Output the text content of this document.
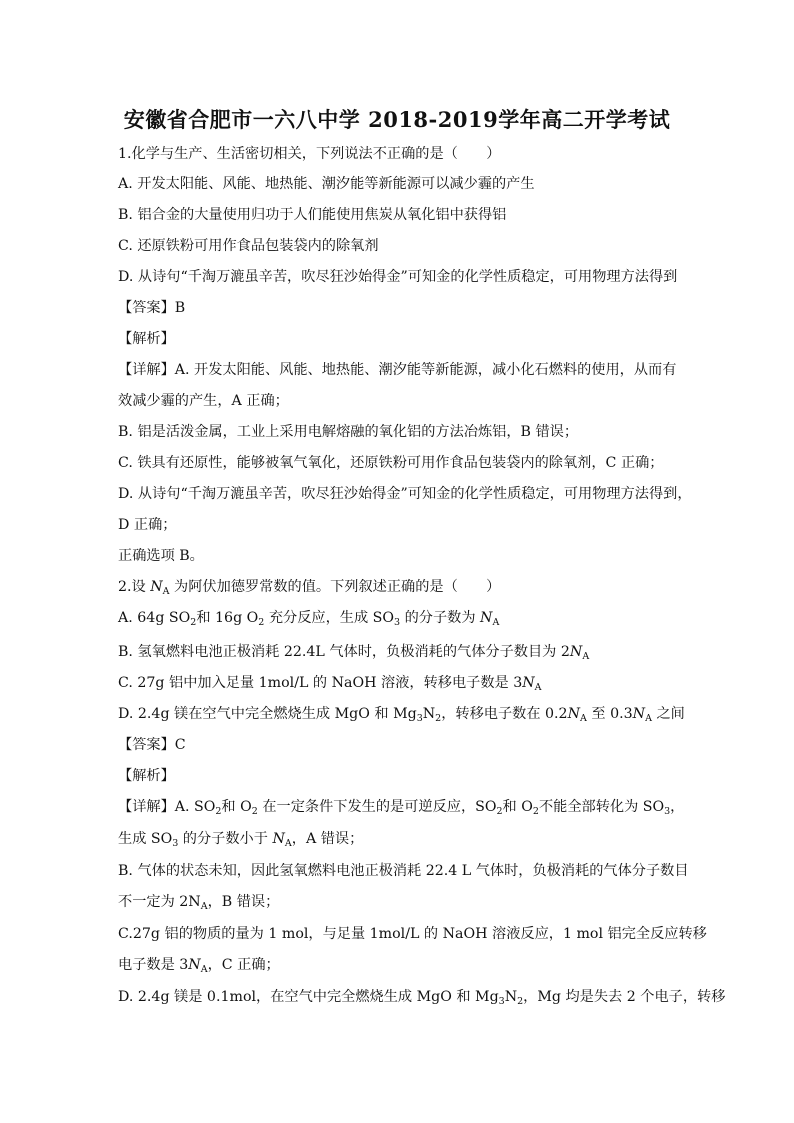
安徽省合肥市一六八中学 2018-2019学年高二开学考试
1.化学与生产、生活密切相关，下列说法不正确的是（　　）
A. 开发太阳能、风能、地热能、潮汐能等新能源可以减少霾的产生
B. 铝合金的大量使用归功于人们能使用焦炭从氧化铝中获得铝
C. 还原铁粉可用作食品包装袋内的除氧剂
D. 从诗句“千淘万漉虽辛苦，吹尽狂沙始得金”可知金的化学性质稳定，可用物理方法得到
【答案】B
【解析】
【详解】A. 开发太阳能、风能、地热能、潮汐能等新能源，减小化石燃料的使用，从而有
效减少霾的产生，A 正确；
B. 铝是活泼金属，工业上采用电解熔融的氧化铝的方法冶炼铝，B 错误；
C. 铁具有还原性，能够被氧气氧化，还原铁粉可用作食品包装袋内的除氧剂，C 正确；
D. 从诗句“千淘万漉虽辛苦，吹尽狂沙始得金”可知金的化学性质稳定，可用物理方法得到，
D 正确；
正确选项 B。
2.设 $N_A$ 为阿伏加德罗常数的值。下列叙述正确的是（　　）
A. 64g $SO_2$和 16g $O_2$ 充分反应，生成 $SO_3$ 的分子数为 $N_A$
B. 氢氧燃料电池正极消耗 22.4L 气体时，负极消耗的气体分子数目为 $2N_A$
C. 27g 铝中加入足量 1mol/L 的 NaOH 溶液，转移电子数是 $3N_A$
D. 2.4g 镁在空气中完全燃烧生成 MgO 和 $Mg_3N_2$，转移电子数在 $0.2N_A$ 至 $0.3N_A$ 之间
【答案】C
【解析】
【详解】A. $SO_2$和 $O_2$ 在一定条件下发生的是可逆反应，$SO_2$和 $O_2$不能全部转化为 $SO_3$，
生成 $SO_3$ 的分子数小于 $N_A$，A 错误；
B. 气体的状态未知，因此氢氧燃料电池正极消耗 22.4 L 气体时，负极消耗的气体分子数目
不一定为 $2N_A$，B 错误；
C.27g 铝的物质的量为 1 mol，与足量 1mol/L 的 NaOH 溶液反应，1 mol 铝完全反应转移
电子数是 $3N_A$，C 正确；
D. 2.4g 镁是 0.1mol，在空气中完全燃烧生成 MgO 和 $Mg_3N_2$，Mg 均是失去 2 个电子，转移
